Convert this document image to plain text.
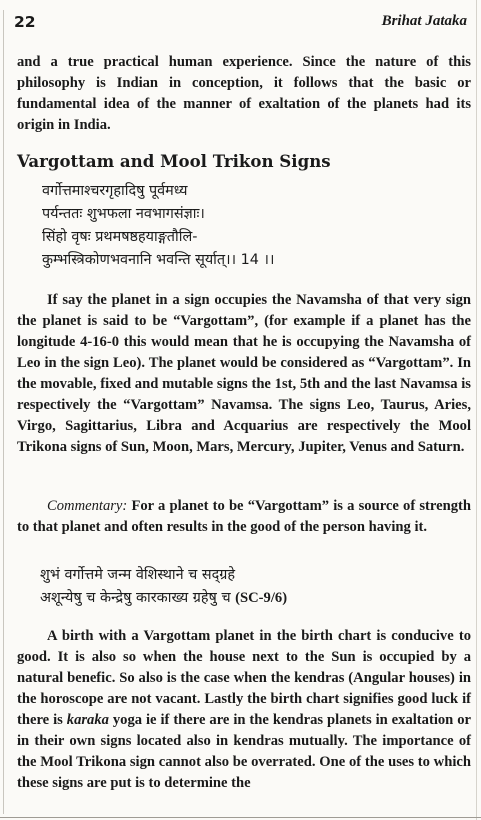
22	Brihat Jataka

and a true practical human experience. Since the nature of this philosophy is Indian in conception, it follows that the basic or fundamental idea of the manner of exaltation of the planets had its origin in India.

Vargottam and Mool Trikon Signs
वर्गोत्तमाश्चरगृहादिषु पूर्वमध्य
पर्यन्ततः शुभफला नवभागसंज्ञाः।
सिंहो वृषः प्रथमषष्ठहयाङ्गतौलि-
कुम्भस्त्रिकोणभवनानि भवन्ति सूर्यात्।। 14 ।।

If say the planet in a sign occupies the Navamsha of that very sign the planet is said to be “Vargottam”, (for example if a planet has the longitude 4-16-0 this would mean that he is occupying the Navamsha of Leo in the sign Leo). The planet would be considered as “Vargottam”. In the movable, fixed and mutable signs the 1st, 5th and the last Navamsa is respectively the “Vargottam” Navamsa. The signs Leo, Taurus, Aries, Virgo, Sagittarius, Libra and Acquarius are respectively the Mool Trikona signs of Sun, Moon, Mars, Mercury, Jupiter, Venus and Saturn.

Commentary: For a planet to be “Vargottam” is a source of strength to that planet and often results in the good of the person having it.

शुभं वर्गोत्तमे जन्म वेशिस्थाने च सद्ग्रहे
अशून्येषु च केन्द्रेषु कारकाख्य ग्रहेषु च (SC-9/6)

A birth with a Vargottam planet in the birth chart is conducive to good. It is also so when the house next to the Sun is occupied by a natural benefic. So also is the case when the kendras (Angular houses) in the horoscope are not vacant. Lastly the birth chart signifies good luck if there is karaka yoga ie if there are in the kendras planets in exaltation or in their own signs located also in kendras mutually. The importance of the Mool Trikona sign cannot also be overrated. One of the uses to which these signs are put is to determine the
